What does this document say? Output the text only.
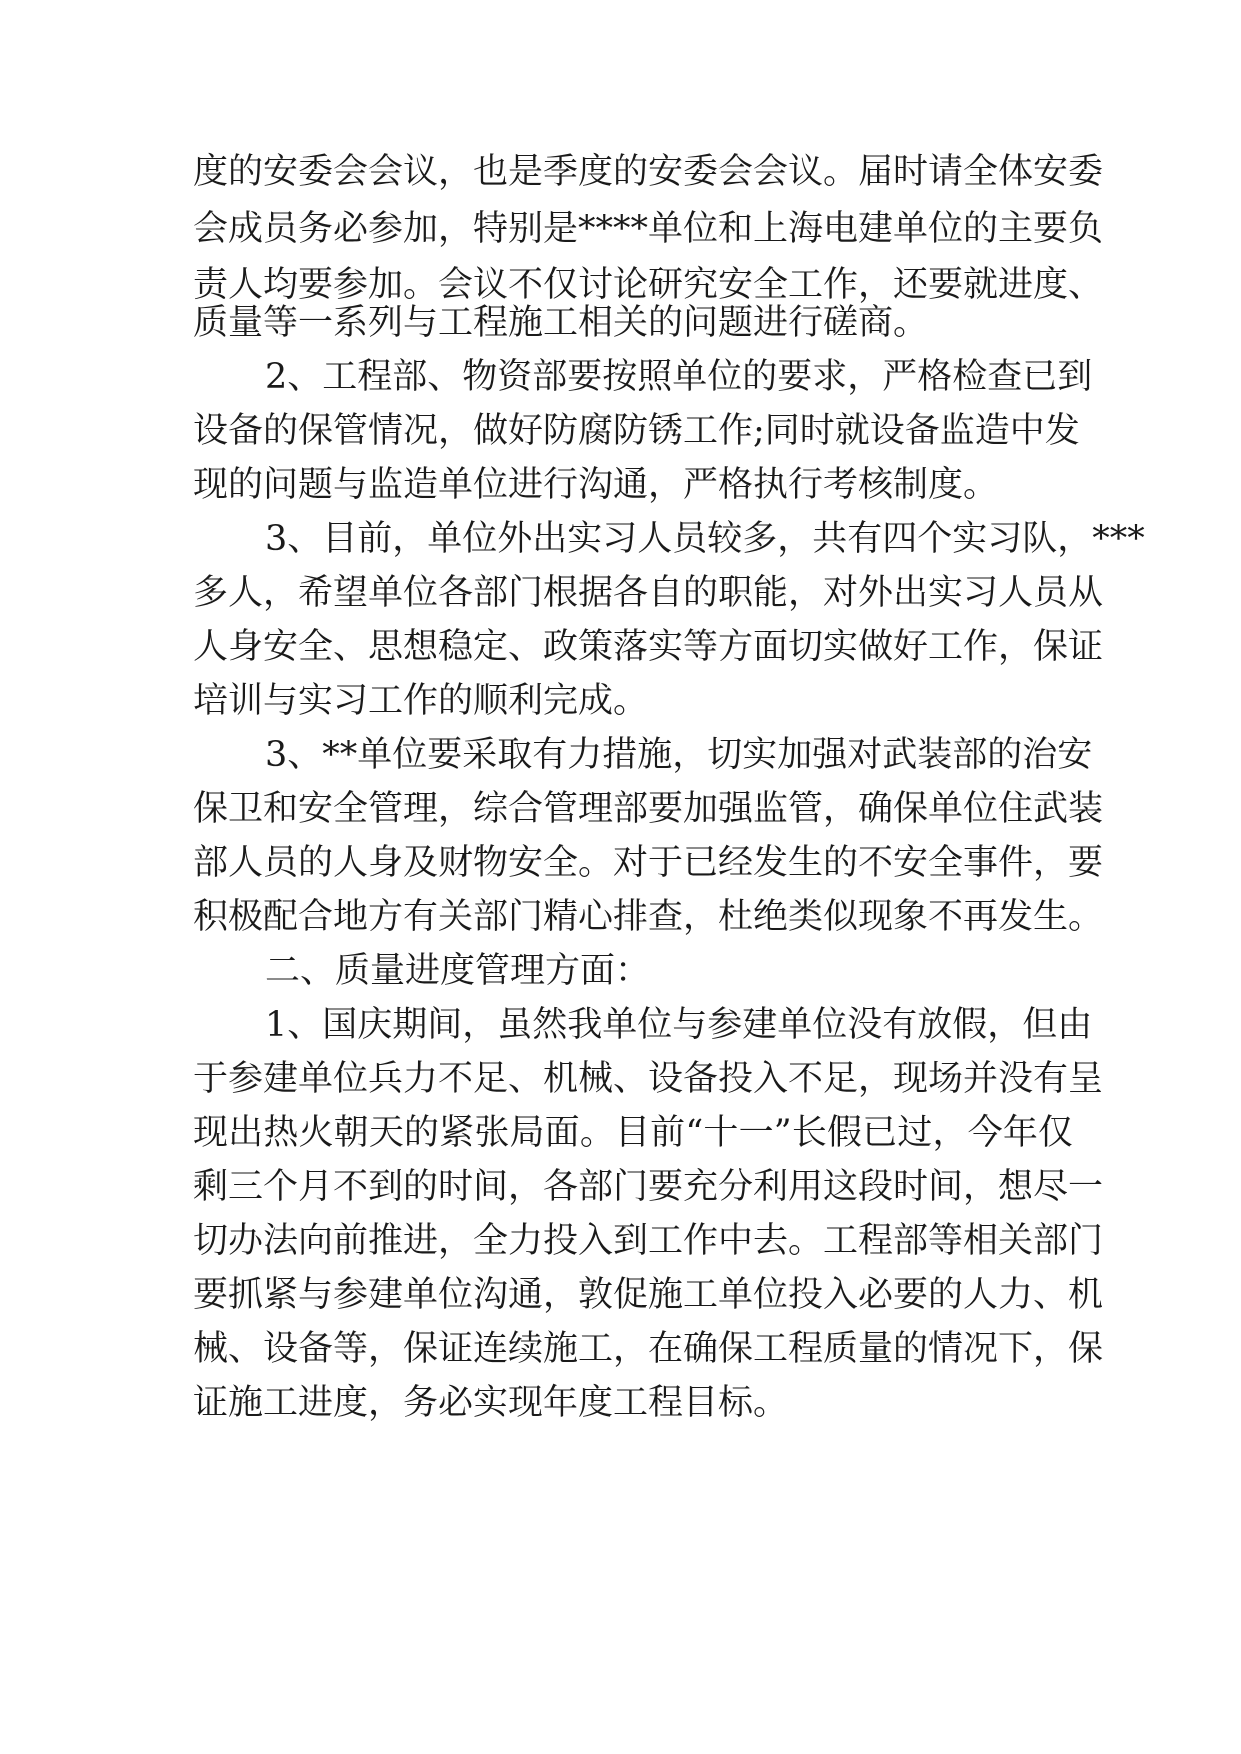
度的安委会会议，也是季度的安委会会议。届时请全体安委

会成员务必参加，特别是****单位和上海电建单位的主要负

责人均要参加。会议不仅讨论研究安全工作，还要就进度、

质量等一系列与工程施工相关的问题进行磋商。

2、工程部、物资部要按照单位的要求，严格检查已到

设备的保管情况，做好防腐防锈工作;同时就设备监造中发

现的问题与监造单位进行沟通，严格执行考核制度。

3、目前，单位外出实习人员较多，共有四个实习队，***

多人，希望单位各部门根据各自的职能，对外出实习人员从

人身安全、思想稳定、政策落实等方面切实做好工作，保证

培训与实习工作的顺利完成。

3、**单位要采取有力措施，切实加强对武装部的治安

保卫和安全管理，综合管理部要加强监管，确保单位住武装

部人员的人身及财物安全。对于已经发生的不安全事件，要

积极配合地方有关部门精心排查，杜绝类似现象不再发生。

二、质量进度管理方面：

1、国庆期间，虽然我单位与参建单位没有放假，但由

于参建单位兵力不足、机械、设备投入不足，现场并没有呈

现出热火朝天的紧张局面。目前“十一”长假已过，今年仅

剩三个月不到的时间，各部门要充分利用这段时间，想尽一

切办法向前推进，全力投入到工作中去。工程部等相关部门

要抓紧与参建单位沟通，敦促施工单位投入必要的人力、机

械、设备等，保证连续施工，在确保工程质量的情况下，保

证施工进度，务必实现年度工程目标。
